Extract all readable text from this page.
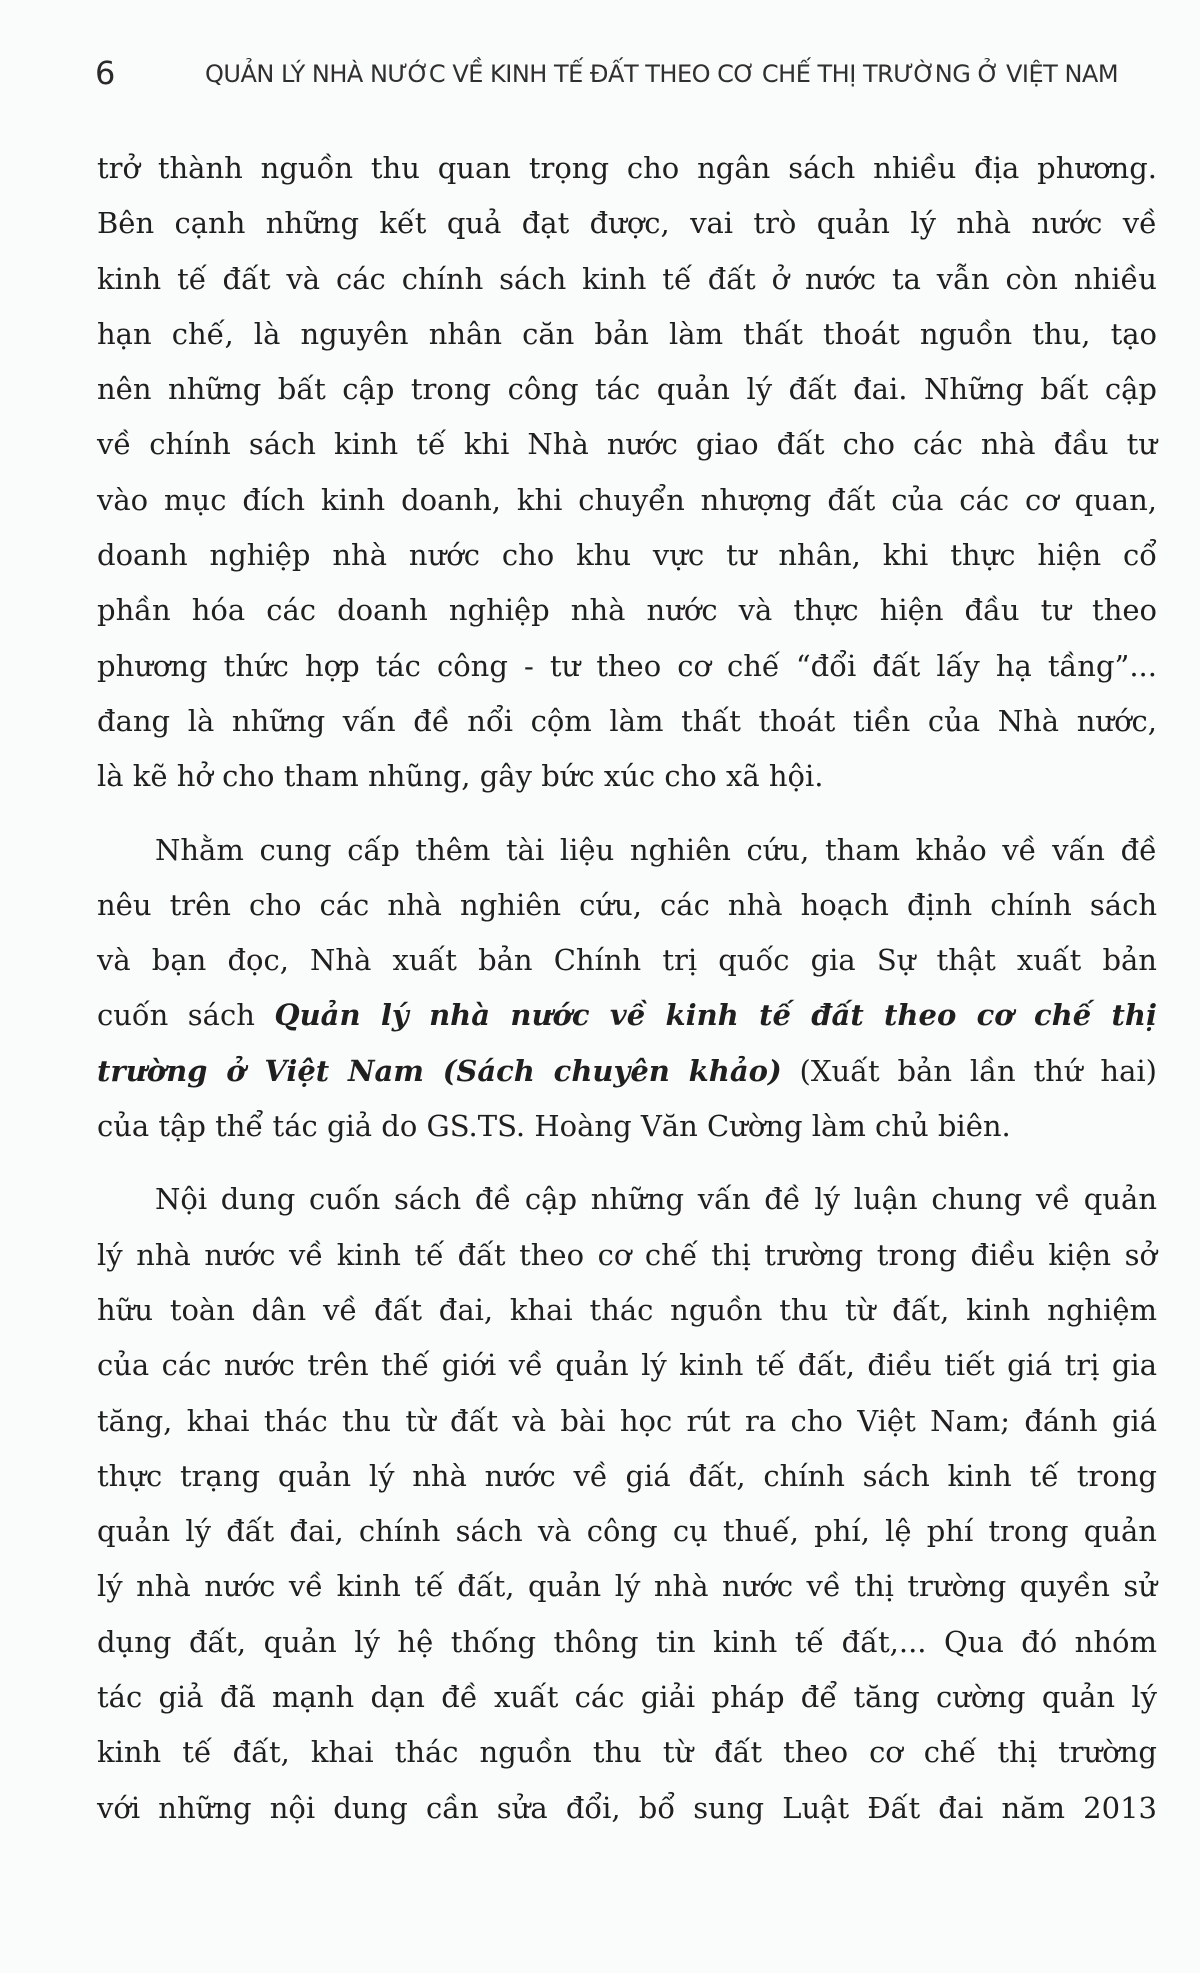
6	QUẢN LÝ NHÀ NƯỚC VỀ KINH TẾ ĐẤT THEO CƠ CHẾ THỊ TRƯỜNG Ở VIỆT NAM
trở thành nguồn thu quan trọng cho ngân sách nhiều địa phương.
Bên cạnh những kết quả đạt được, vai trò quản lý nhà nước về
kinh tế đất và các chính sách kinh tế đất ở nước ta vẫn còn nhiều
hạn chế, là nguyên nhân căn bản làm thất thoát nguồn thu, tạo
nên những bất cập trong công tác quản lý đất đai. Những bất cập
về chính sách kinh tế khi Nhà nước giao đất cho các nhà đầu tư
vào mục đích kinh doanh, khi chuyển nhượng đất của các cơ quan,
doanh nghiệp nhà nước cho khu vực tư nhân, khi thực hiện cổ
phần hóa các doanh nghiệp nhà nước và thực hiện đầu tư theo
phương thức hợp tác công - tư theo cơ chế “đổi đất lấy hạ tầng”...
đang là những vấn đề nổi cộm làm thất thoát tiền của Nhà nước,
là kẽ hở cho tham nhũng, gây bức xúc cho xã hội.
Nhằm cung cấp thêm tài liệu nghiên cứu, tham khảo về vấn đề
nêu trên cho các nhà nghiên cứu, các nhà hoạch định chính sách
và bạn đọc, Nhà xuất bản Chính trị quốc gia Sự thật xuất bản
cuốn sách Quản lý nhà nước về kinh tế đất theo cơ chế thị
trường ở Việt Nam (Sách chuyên khảo) (Xuất bản lần thứ hai)
của tập thể tác giả do GS.TS. Hoàng Văn Cường làm chủ biên.
Nội dung cuốn sách đề cập những vấn đề lý luận chung về quản
lý nhà nước về kinh tế đất theo cơ chế thị trường trong điều kiện sở
hữu toàn dân về đất đai, khai thác nguồn thu từ đất, kinh nghiệm
của các nước trên thế giới về quản lý kinh tế đất, điều tiết giá trị gia
tăng, khai thác thu từ đất và bài học rút ra cho Việt Nam; đánh giá
thực trạng quản lý nhà nước về giá đất, chính sách kinh tế trong
quản lý đất đai, chính sách và công cụ thuế, phí, lệ phí trong quản
lý nhà nước về kinh tế đất, quản lý nhà nước về thị trường quyền sử
dụng đất, quản lý hệ thống thông tin kinh tế đất,... Qua đó nhóm
tác giả đã mạnh dạn đề xuất các giải pháp để tăng cường quản lý
kinh tế đất, khai thác nguồn thu từ đất theo cơ chế thị trường
với những nội dung cần sửa đổi, bổ sung Luật Đất đai năm 2013
